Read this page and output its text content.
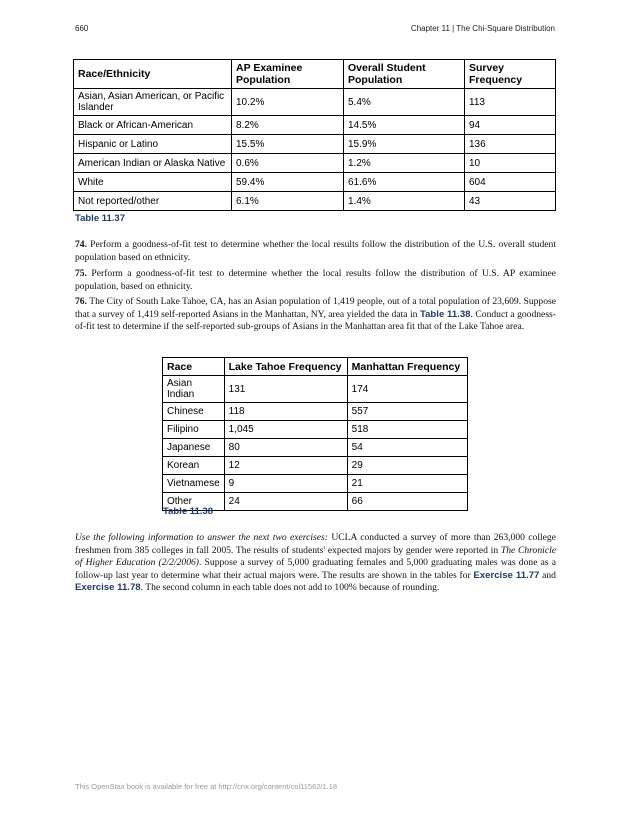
660	Chapter 11 | The Chi-Square Distribution
Race/Ethnicity	AP Examinee Population	Overall Student Population	Survey Frequency
Asian, Asian American, or Pacific Islander	10.2%	5.4%	113
Black or African-American	8.2%	14.5%	94
Hispanic or Latino	15.5%	15.9%	136
American Indian or Alaska Native	0.6%	1.2%	10
White	59.4%	61.6%	604
Not reported/other	6.1%	1.4%	43
Table 11.37
74. Perform a goodness-of-fit test to determine whether the local results follow the distribution of the U.S. overall student population based on ethnicity.
75. Perform a goodness-of-fit test to determine whether the local results follow the distribution of U.S. AP examinee population, based on ethnicity.
76. The City of South Lake Tahoe, CA, has an Asian population of 1,419 people, out of a total population of 23,609. Suppose that a survey of 1,419 self-reported Asians in the Manhattan, NY, area yielded the data in Table 11.38. Conduct a goodness-of-fit test to determine if the self-reported sub-groups of Asians in the Manhattan area fit that of the Lake Tahoe area.
Race	Lake Tahoe Frequency	Manhattan Frequency
Asian Indian	131	174
Chinese	118	557
Filipino	1,045	518
Japanese	80	54
Korean	12	29
Vietnamese	9	21
Other	24	66
Table 11.38
Use the following information to answer the next two exercises: UCLA conducted a survey of more than 263,000 college freshmen from 385 colleges in fall 2005. The results of students' expected majors by gender were reported in The Chronicle of Higher Education (2/2/2006). Suppose a survey of 5,000 graduating females and 5,000 graduating males was done as a follow-up last year to determine what their actual majors were. The results are shown in the tables for Exercise 11.77 and Exercise 11.78. The second column in each table does not add to 100% because of rounding.
This OpenStax book is available for free at http://cnx.org/content/col11562/1.18
